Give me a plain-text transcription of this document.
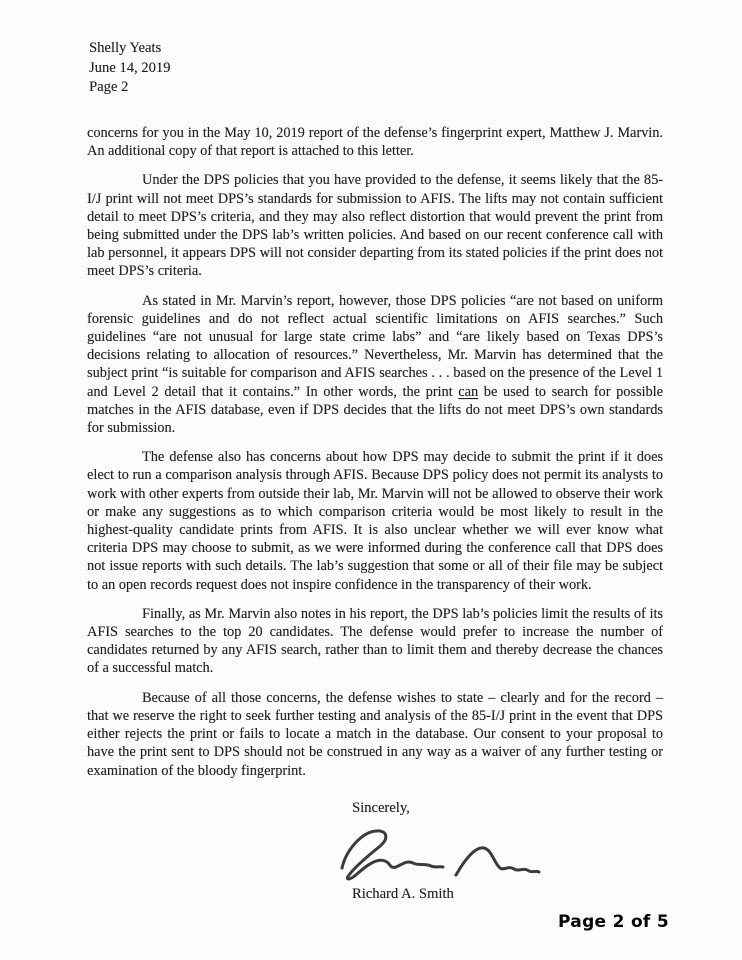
Shelly Yeats
June 14, 2019
Page 2

concerns for you in the May 10, 2019 report of the defense’s fingerprint expert, Matthew J. Marvin. An additional copy of that report is attached to this letter.

Under the DPS policies that you have provided to the defense, it seems likely that the 85-I/J print will not meet DPS’s standards for submission to AFIS. The lifts may not contain sufficient detail to meet DPS’s criteria, and they may also reflect distortion that would prevent the print from being submitted under the DPS lab’s written policies. And based on our recent conference call with lab personnel, it appears DPS will not consider departing from its stated policies if the print does not meet DPS’s criteria.

As stated in Mr. Marvin’s report, however, those DPS policies “are not based on uniform forensic guidelines and do not reflect actual scientific limitations on AFIS searches.” Such guidelines “are not unusual for large state crime labs” and “are likely based on Texas DPS’s decisions relating to allocation of resources.” Nevertheless, Mr. Marvin has determined that the subject print “is suitable for comparison and AFIS searches . . . based on the presence of the Level 1 and Level 2 detail that it contains.” In other words, the print can be used to search for possible matches in the AFIS database, even if DPS decides that the lifts do not meet DPS’s own standards for submission.

The defense also has concerns about how DPS may decide to submit the print if it does elect to run a comparison analysis through AFIS. Because DPS policy does not permit its analysts to work with other experts from outside their lab, Mr. Marvin will not be allowed to observe their work or make any suggestions as to which comparison criteria would be most likely to result in the highest-quality candidate prints from AFIS. It is also unclear whether we will ever know what criteria DPS may choose to submit, as we were informed during the conference call that DPS does not issue reports with such details. The lab’s suggestion that some or all of their file may be subject to an open records request does not inspire confidence in the transparency of their work.

Finally, as Mr. Marvin also notes in his report, the DPS lab’s policies limit the results of its AFIS searches to the top 20 candidates. The defense would prefer to increase the number of candidates returned by any AFIS search, rather than to limit them and thereby decrease the chances of a successful match.

Because of all those concerns, the defense wishes to state – clearly and for the record – that we reserve the right to seek further testing and analysis of the 85-I/J print in the event that DPS either rejects the print or fails to locate a match in the database. Our consent to your proposal to have the print sent to DPS should not be construed in any way as a waiver of any further testing or examination of the bloody fingerprint.

Sincerely,
Richard A. Smith
Page 2 of 5
